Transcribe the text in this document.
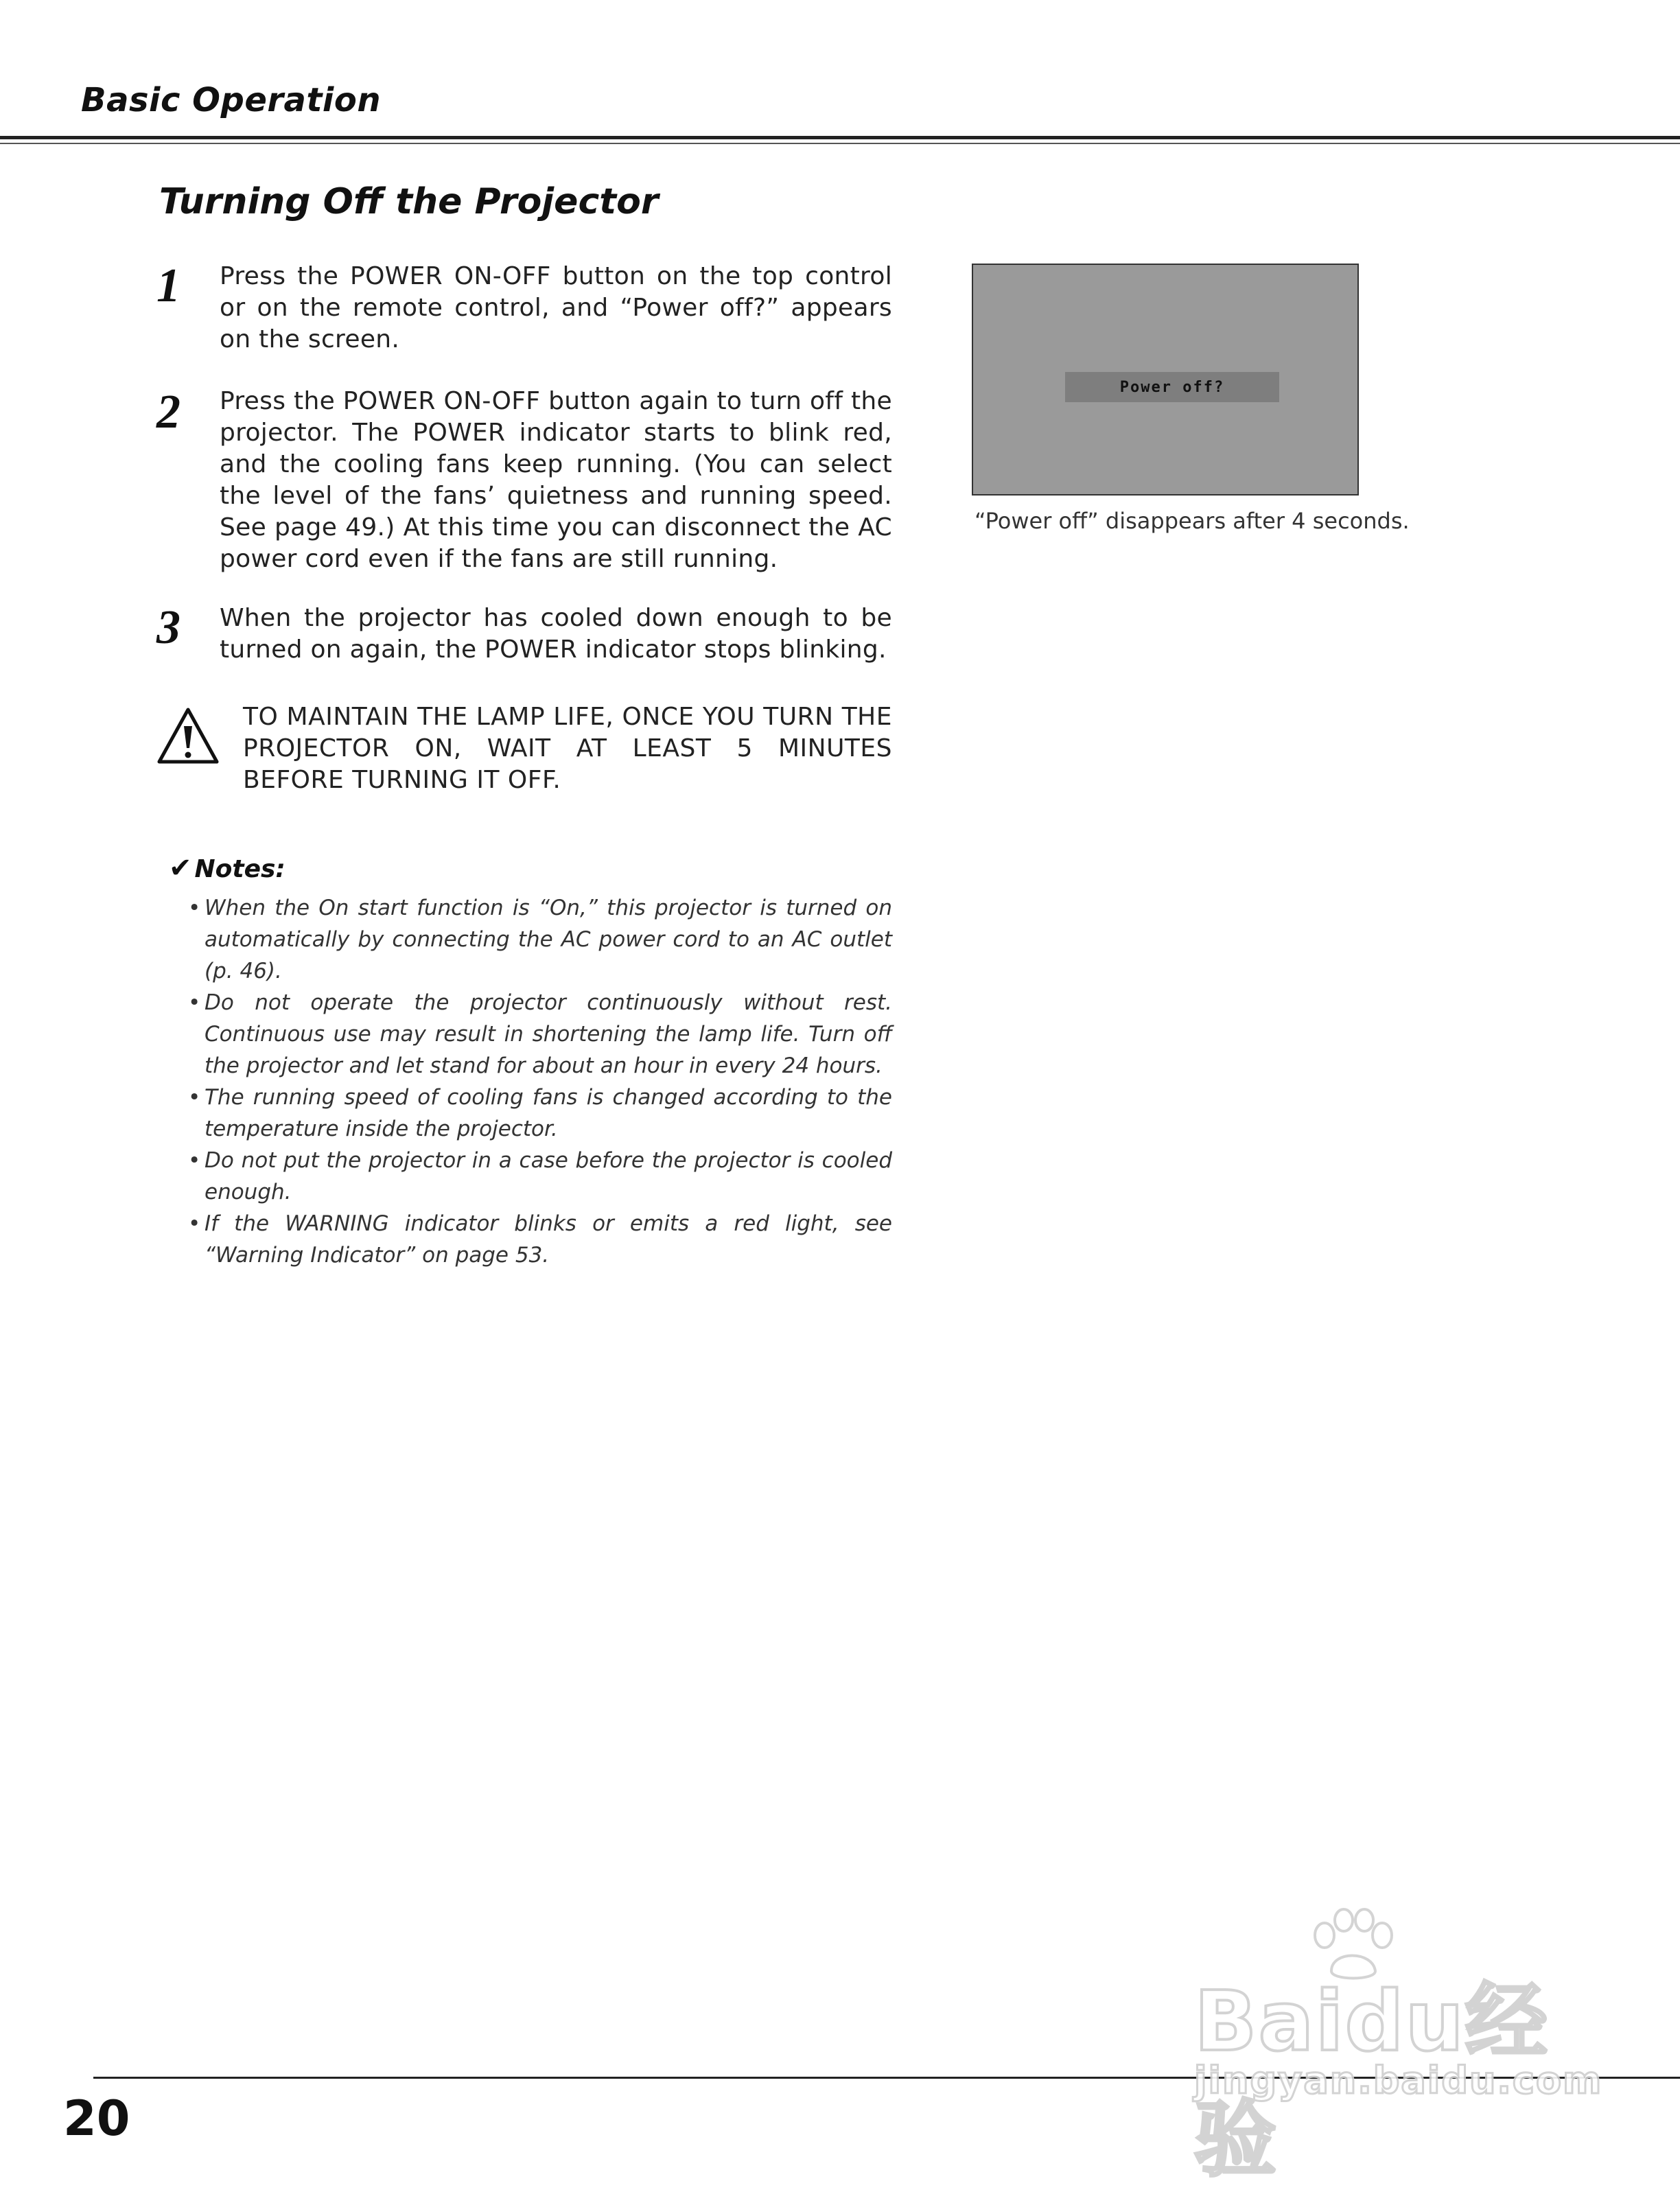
Basic Operation
Turning Off the Projector
1 Press the POWER ON-OFF button on the top control or on the remote control, and “Power off?” appears on the screen.
2 Press the POWER ON-OFF button again to turn off the projector. The POWER indicator starts to blink red, and the cooling fans keep running. (You can select the level of the fans’ quietness and running speed. See page 49.) At this time you can disconnect the AC power cord even if the fans are still running.
3 When the projector has cooled down enough to be turned on again, the POWER indicator stops blinking.
TO MAINTAIN THE LAMP LIFE, ONCE YOU TURN THE PROJECTOR ON, WAIT AT LEAST 5 MINUTES BEFORE TURNING IT OFF.
✔ Notes:
• When the On start function is “On,” this projector is turned on automatically by connecting the AC power cord to an AC outlet (p. 46).
• Do not operate the projector continuously without rest. Continuous use may result in shortening the lamp life. Turn off the projector and let stand for about an hour in every 24 hours.
• The running speed of cooling fans is changed according to the temperature inside the projector.
• Do not put the projector in a case before the projector is cooled enough.
• If the WARNING indicator blinks or emits a red light, see “Warning Indicator” on page 53.
Power off?
“Power off” disappears after 4 seconds.
20
Baidu经验
jingyan.baidu.com
